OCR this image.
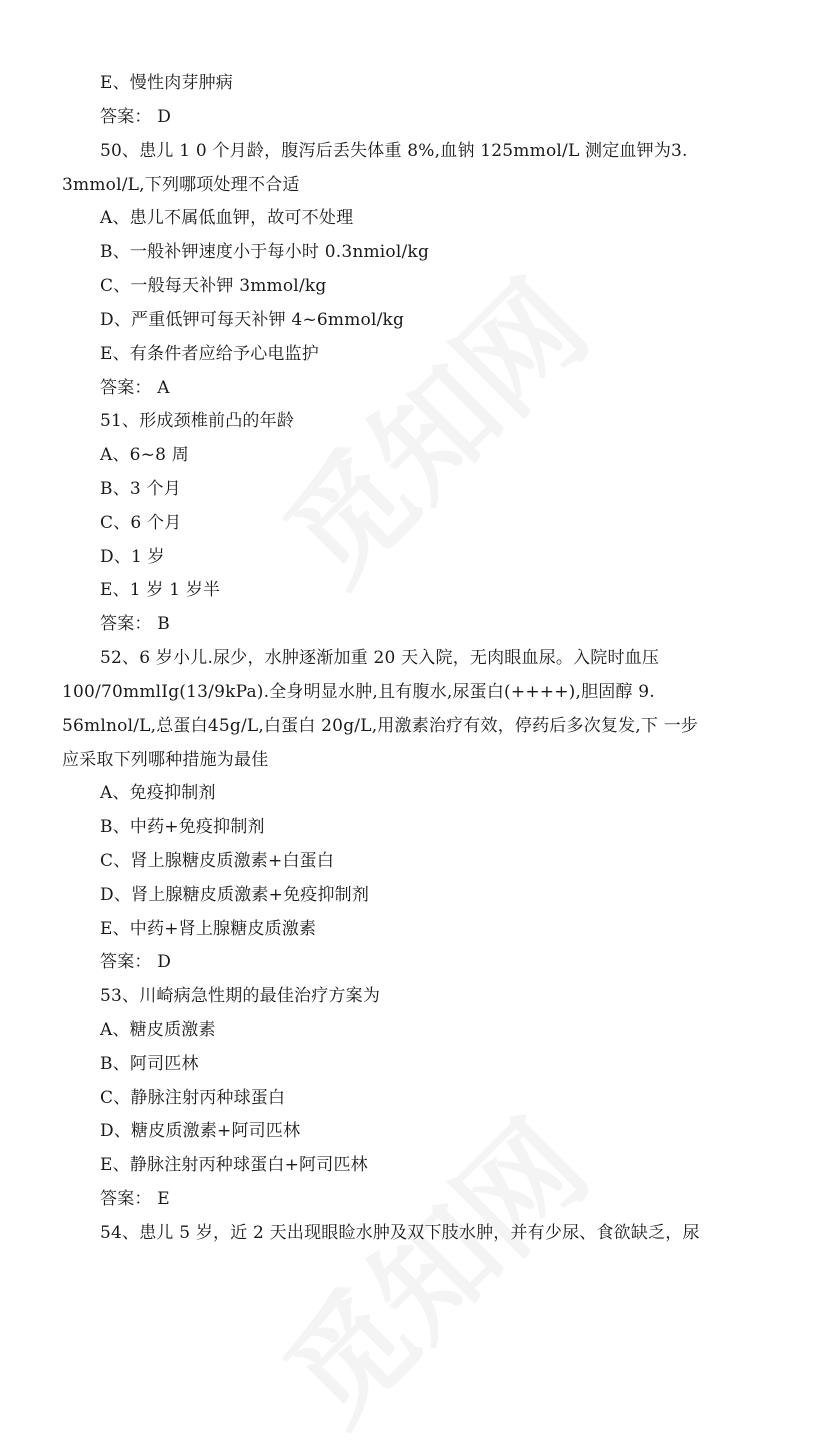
E、慢性肉芽肿病
答案： D
50、患儿 1 0 个月龄，腹泻后丢失体重 8%,血钠 125mmol/L 测定血钾为3.
3mmol/L,下列哪项处理不合适
A、患儿不属低血钾，故可不处理
B、一般补钾速度小于每小时 0.3nmiol/kg
C、一般每天补钾 3mmol/kg
D、严重低钾可每天补钾 4~6mmol/kg
E、有条件者应给予心电监护
答案： A
51、形成颈椎前凸的年龄
A、6~8 周
B、3 个月
C、6 个月
D、1 岁
E、1 岁 1 岁半
答案： B
52、6 岁小儿.尿少，水肿逐渐加重 20 天入院，无肉眼血尿。入院时血压
100/70mmlIg(13/9kPa).全身明显水肿,且有腹水,尿蛋白(++++),胆固醇 9.
56mlnol/L,总蛋白45g/L,白蛋白 20g/L,用激素治疗有效，停药后多次复发,下 一步
应采取下列哪种措施为最佳
A、免疫抑制剂
B、中药+免疫抑制剂
C、肾上腺糖皮质激素+白蛋白
D、肾上腺糖皮质激素+免疫抑制剂
E、中药+肾上腺糖皮质激素
答案： D
53、川崎病急性期的最佳治疗方案为
A、糖皮质激素
B、阿司匹林
C、静脉注射丙种球蛋白
D、糖皮质激素+阿司匹林
E、静脉注射丙种球蛋白+阿司匹林
答案： E
54、患儿 5 岁，近 2 天出现眼睑水肿及双下肢水肿，并有少尿、食欲缺乏，尿
